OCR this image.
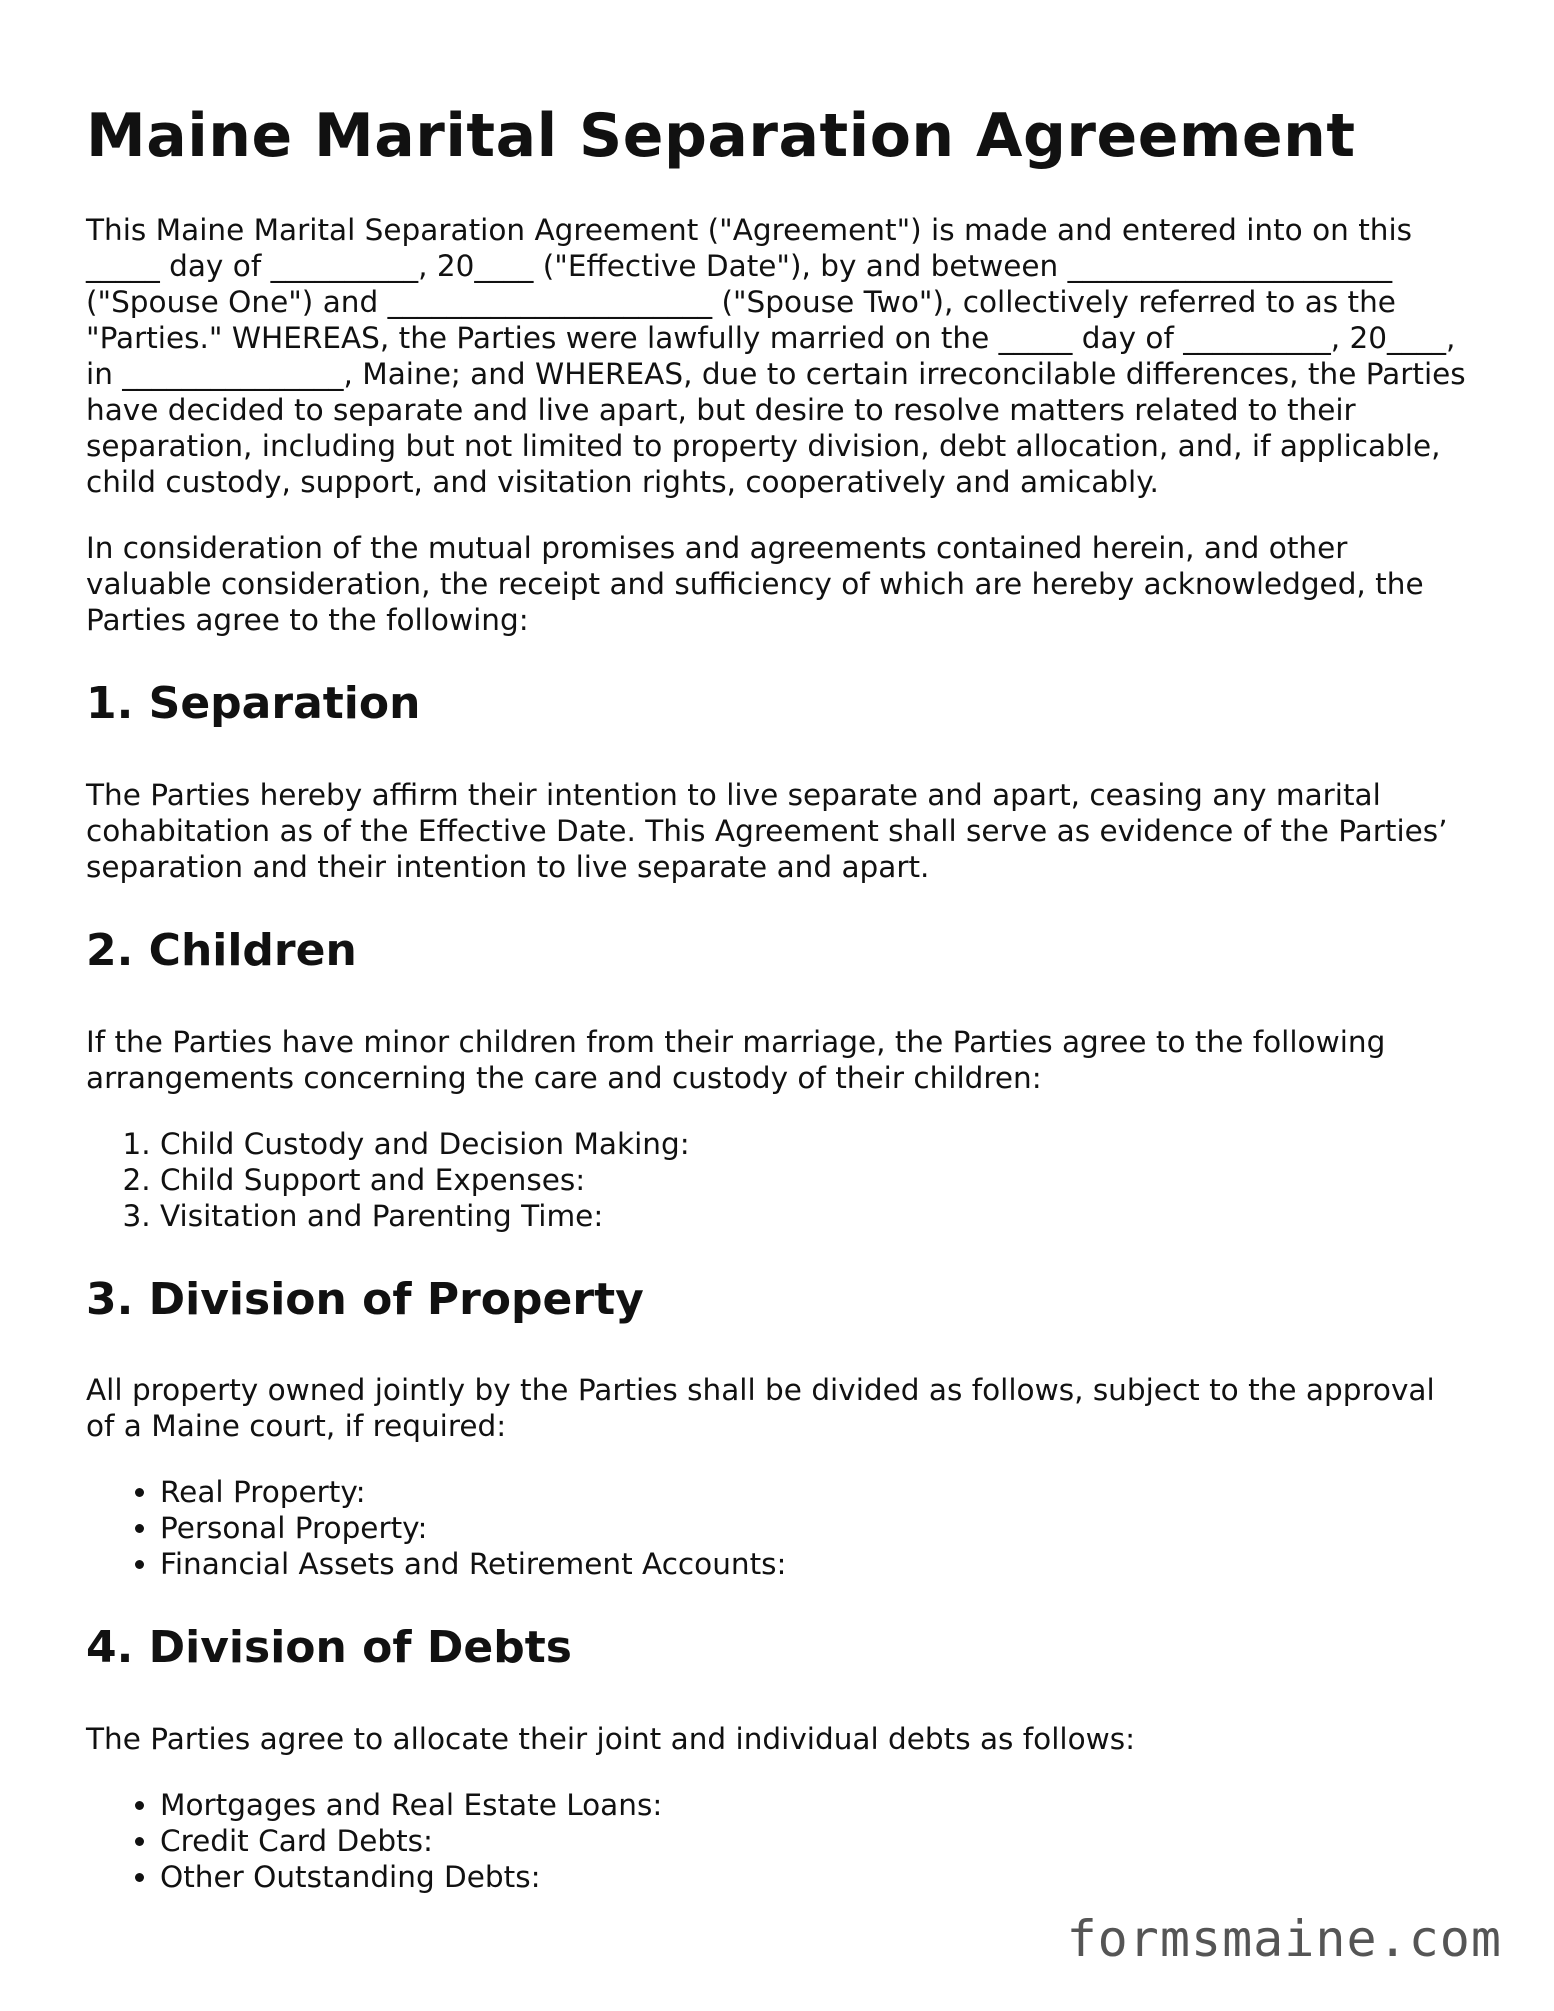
Maine Marital Separation Agreement

This Maine Marital Separation Agreement ("Agreement") is made and entered into on this _____ day of __________, 20____ ("Effective Date"), by and between ______________________ ("Spouse One") and ______________________ ("Spouse Two"), collectively referred to as the "Parties." WHEREAS, the Parties were lawfully married on the _____ day of __________, 20____, in _______________, Maine; and WHEREAS, due to certain irreconcilable differences, the Parties have decided to separate and live apart, but desire to resolve matters related to their separation, including but not limited to property division, debt allocation, and, if applicable, child custody, support, and visitation rights, cooperatively and amicably.

In consideration of the mutual promises and agreements contained herein, and other valuable consideration, the receipt and sufficiency of which are hereby acknowledged, the Parties agree to the following:

1. Separation

The Parties hereby affirm their intention to live separate and apart, ceasing any marital cohabitation as of the Effective Date. This Agreement shall serve as evidence of the Parties’ separation and their intention to live separate and apart.

2. Children

If the Parties have minor children from their marriage, the Parties agree to the following arrangements concerning the care and custody of their children:

1. Child Custody and Decision Making:
2. Child Support and Expenses:
3. Visitation and Parenting Time:
3. Division of Property

All property owned jointly by the Parties shall be divided as follows, subject to the approval of a Maine court, if required:

• Real Property:
• Personal Property:
• Financial Assets and Retirement Accounts:
4. Division of Debts

The Parties agree to allocate their joint and individual debts as follows:

• Mortgages and Real Estate Loans:
• Credit Card Debts:
• Other Outstanding Debts:
formsmaine.com
